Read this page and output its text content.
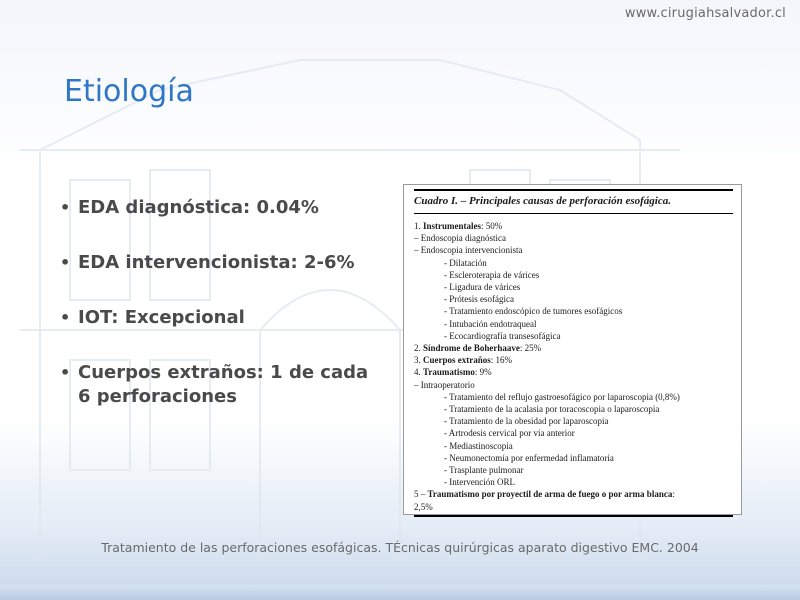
www.cirugiahsalvador.cl
Etiología
• EDA diagnóstica: 0.04%
• EDA intervencionista: 2-6%
• IOT: Excepcional
• Cuerpos extraños: 1 de cada 6 perforaciones
Cuadro I. – Principales causas de perforación esofágica.
1. Instrumentales: 50%
– Endoscopia diagnóstica
– Endoscopia intervencionista
- Dilatación
- Escleroterapia de várices
- Ligadura de várices
- Prótesis esofágica
- Tratamiento endoscópico de tumores esofágicos
- Intubación endotraqueal
- Ecocardiografía transesofágica
2. Síndrome de Boherhaave: 25%
3. Cuerpos extraños: 16%
4. Traumatismo: 9%
– Intraoperatorio
- Tratamiento del reflujo gastroesofágico por laparoscopia (0,8%)
- Tratamiento de la acalasia por toracoscopia o laparoscopia
- Tratamiento de la obesidad por laparoscopia
- Artrodesis cervical por vía anterior
- Mediastinoscopia
- Neumonectomía por enfermedad inflamatoria
- Trasplante pulmonar
- Intervención ORL
5 – Traumatismo por proyectil de arma de fuego o por arma blanca:
2,5%
Tratamiento de las perforaciones esofágicas. TÉcnicas quirúrgicas aparato digestivo EMC. 2004
